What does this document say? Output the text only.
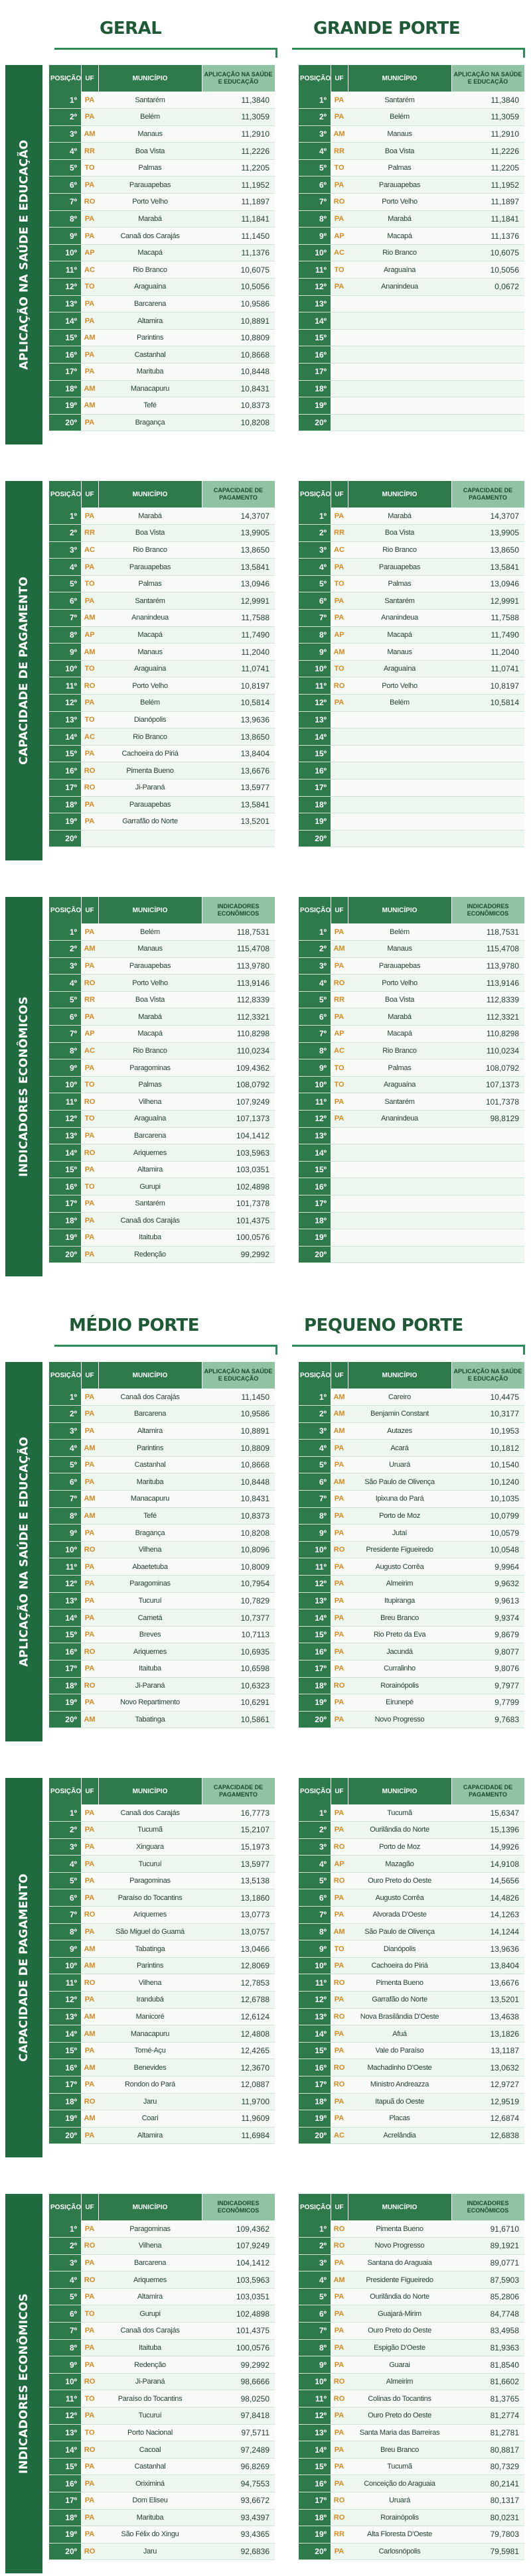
GERAL	GRANDE PORTE
APLICAÇÃO NA SAÚDE E EDUCAÇÃO
POSIÇÃO	UF	MUNICÍPIO	APLICAÇÃO NA SAÚDE E EDUCAÇÃO
1º	PA	Santarém	11,3840
2º	PA	Belém	11,3059
3º	AM	Manaus	11,2910
4º	RR	Boa Vista	11,2226
5º	TO	Palmas	11,2205
6º	PA	Parauapebas	11,1952
7º	RO	Porto Velho	11,1897
8º	PA	Marabá	11,1841
9º	PA	Canaã dos Carajás	11,1450
10º	AP	Macapá	11,1376
11º	AC	Rio Branco	10,6075
12º	TO	Araguaína	10,5056
13º	PA	Barcarena	10,9586
14º	PA	Altamira	10,8891
15º	AM	Parintins	10,8809
16º	PA	Castanhal	10,8668
17º	PA	Marituba	10,8448
18º	AM	Manacapuru	10,8431
19º	AM	Tefé	10,8373
20º	PA	Bragança	10,8208
POSIÇÃO	UF	MUNICÍPIO	APLICAÇÃO NA SAÚDE E EDUCAÇÃO
1º	PA	Santarém	11,3840
2º	PA	Belém	11,3059
3º	AM	Manaus	11,2910
4º	RR	Boa Vista	11,2226
5º	TO	Palmas	11,2205
6º	PA	Parauapebas	11,1952
7º	RO	Porto Velho	11,1897
8º	PA	Marabá	11,1841
9º	AP	Macapá	11,1376
10º	AC	Rio Branco	10,6075
11º	TO	Araguaína	10,5056
12º	PA	Ananindeua	0,0672
13º			
14º			
15º			
16º			
17º			
18º			
19º			
20º			
CAPACIDADE DE PAGAMENTO
POSIÇÃO	UF	MUNICÍPIO	CAPACIDADE DE PAGAMENTO
1º	PA	Marabá	14,3707
2º	RR	Boa Vista	13,9905
3º	AC	Rio Branco	13,8650
4º	PA	Parauapebas	13,5841
5º	TO	Palmas	13,0946
6º	PA	Santarém	12,9991
7º	AM	Ananindeua	11,7588
8º	AP	Macapá	11,7490
9º	AM	Manaus	11,2040
10º	TO	Araguaína	11,0741
11º	RO	Porto Velho	10,8197
12º	PA	Belém	10,5814
13º	TO	Dianópolis	13,9636
14º	AC	Rio Branco	13,8650
15º	PA	Cachoeira do Piriá	13,8404
16º	RO	Pimenta Bueno	13,6676
17º	RO	Ji-Paraná	13,5977
18º	PA	Parauapebas	13,5841
19º	PA	Garrafão do Norte	13,5201
20º			
POSIÇÃO	UF	MUNICÍPIO	CAPACIDADE DE PAGAMENTO
1º	PA	Marabá	14,3707
2º	RR	Boa Vista	13,9905
3º	AC	Rio Branco	13,8650
4º	PA	Parauapebas	13,5841
5º	TO	Palmas	13,0946
6º	PA	Santarém	12,9991
7º	PA	Ananindeua	11,7588
8º	AP	Macapá	11,7490
9º	AM	Manaus	11,2040
10º	TO	Araguaína	11,0741
11º	RO	Porto Velho	10,8197
12º	PA	Belém	10,5814
13º			
14º			
15º			
16º			
17º			
18º			
19º			
20º			
INDICADORES ECONÔMICOS
POSIÇÃO	UF	MUNICÍPIO	INDICADORES ECONÔMICOS
1º	PA	Belém	118,7531
2º	AM	Manaus	115,4708
3º	PA	Parauapebas	113,9780
4º	RO	Porto Velho	113,9146
5º	RR	Boa Vista	112,8339
6º	PA	Marabá	112,3321
7º	AP	Macapá	110,8298
8º	AC	Rio Branco	110,0234
9º	PA	Paragominas	109,4362
10º	TO	Palmas	108,0792
11º	RO	Vilhena	107,9249
12º	TO	Araguaína	107,1373
13º	PA	Barcarena	104,1412
14º	RO	Ariquemes	103,5963
15º	PA	Altamira	103,0351
16º	TO	Gurupi	102,4898
17º	PA	Santarém	101,7378
18º	PA	Canaã dos Carajás	101,4375
19º	PA	Itaituba	100,0576
20º	PA	Redenção	99,2992
POSIÇÃO	UF	MUNICÍPIO	INDICADORES ECONÔMICOS
1º	PA	Belém	118,7531
2º	AM	Manaus	115,4708
3º	PA	Parauapebas	113,9780
4º	RO	Porto Velho	113,9146
5º	RR	Boa Vista	112,8339
6º	PA	Marabá	112,3321
7º	AP	Macapá	110,8298
8º	AC	Rio Branco	110,0234
9º	TO	Palmas	108,0792
10º	TO	Araguaína	107,1373
11º	PA	Santarém	101,7378
12º	PA	Ananindeua	98,8129
13º			
14º			
15º			
16º			
17º			
18º			
19º			
20º			
MÉDIO PORTE	PEQUENO PORTE
APLICAÇÃO NA SAÚDE E EDUCAÇÃO
POSIÇÃO	UF	MUNICÍPIO	APLICAÇÃO NA SAÚDE E EDUCAÇÃO
1º	PA	Canaã dos Carajás	11,1450
2º	PA	Barcarena	10,9586
3º	PA	Altamira	10,8891
4º	AM	Parintins	10,8809
5º	PA	Castanhal	10,8668
6º	PA	Marituba	10,8448
7º	AM	Manacapuru	10,8431
8º	AM	Tefé	10,8373
9º	PA	Bragança	10,8208
10º	RO	Vilhena	10,8096
11º	PA	Abaetetuba	10,8009
12º	PA	Paragominas	10,7954
13º	PA	Tucuruí	10,7829
14º	PA	Cametá	10,7377
15º	PA	Breves	10,7113
16º	RO	Ariquemes	10,6935
17º	PA	Itaituba	10,6598
18º	RO	Ji-Paraná	10,6323
19º	PA	Novo Repartimento	10,6291
20º	AM	Tabatinga	10,5861
POSIÇÃO	UF	MUNICÍPIO	APLICAÇÃO NA SAÚDE E EDUCAÇÃO
1º	AM	Careiro	10,4475
2º	AM	Benjamin Constant	10,3177
3º	AM	Autazes	10,1953
4º	PA	Acará	10,1812
5º	PA	Uruará	10,1540
6º	AM	São Paulo de Olivença	10,1240
7º	PA	Ipixuna do Pará	10,1035
8º	PA	Porto de Moz	10,0799
9º	PA	Jutaí	10,0579
10º	RO	Presidente Figueiredo	10,0548
11º	PA	Augusto Corrêa	9,9964
12º	PA	Almeirim	9,9632
13º	PA	Itupiranga	9,9613
14º	PA	Breu Branco	9,9374
15º	PA	Rio Preto da Eva	9,8679
16º	PA	Jacundá	9,8077
17º	PA	Curralinho	9,8076
18º	RO	Rorainópolis	9,7977
19º	PA	Eirunepé	9,7799
20º	PA	Novo Progresso	9,7683
CAPACIDADE DE PAGAMENTO
POSIÇÃO	UF	MUNICÍPIO	CAPACIDADE DE PAGAMENTO
1º	PA	Canaã dos Carajás	16,7773
2º	PA	Tucumã	15,2107
3º	PA	Xinguara	15,1973
4º	PA	Tucuruí	13,5977
5º	PA	Paragominas	13,5138
6º	PA	Paraíso do Tocantins	13,1860
7º	RO	Ariquemes	13,0773
8º	PA	São Miguel do Guamá	13,0757
9º	AM	Tabatinga	13,0466
10º	AM	Parintins	12,8069
11º	RO	Vilhena	12,7853
12º	PA	Irandubá	12,6788
13º	AM	Manicoré	12,6124
14º	AM	Manacapuru	12,4808
15º	PA	Tomé-Açu	12,4265
16º	AM	Benevides	12,3670
17º	PA	Rondon do Pará	12,0887
18º	RO	Jaru	11,9700
19º	AM	Coari	11,9609
20º	PA	Altamira	11,6984
POSIÇÃO	UF	MUNICÍPIO	CAPACIDADE DE PAGAMENTO
1º	PA	Tucumã	15,6347
2º	PA	Ourilândia do Norte	15,1396
3º	RO	Porto de Moz	14,9926
4º	AP	Mazagão	14,9108
5º	RO	Ouro Preto do Oeste	14,5656
6º	PA	Augusto Corrêa	14,4826
7º	PA	Alvorada D'Oeste	14,1263
8º	AM	São Paulo de Olivença	14,1244
9º	TO	Dianópolis	13,9636
10º	PA	Cachoeira do Piriá	13,8404
11º	RO	Pimenta Bueno	13,6676
12º	PA	Garrafão do Norte	13,5201
13º	RO	Nova Brasilândia D'Oeste	13,4638
14º	PA	Afuá	13,1826
15º	PA	Vale do Paraíso	13,1187
16º	RO	Machadinho D'Oeste	13,0632
17º	RO	Ministro Andreazza	12,9727
18º	PA	Itapuã do Oeste	12,9519
19º	PA	Placas	12,6874
20º	AC	Acrelândia	12,6838
INDICADORES ECONÔMICOS
POSIÇÃO	UF	MUNICÍPIO	INDICADORES ECONÔMICOS
1º	PA	Paragominas	109,4362
2º	RO	Vilhena	107,9249
3º	PA	Barcarena	104,1412
4º	RO	Ariquemes	103,5963
5º	PA	Altamira	103,0351
6º	TO	Gurupi	102,4898
7º	PA	Canaã dos Carajás	101,4375
8º	PA	Itaituba	100,0576
9º	PA	Redenção	99,2992
10º	RO	Ji-Paraná	98,6666
11º	TO	Paraíso do Tocantins	98,0250
12º	PA	Tucuruí	97,8418
13º	TO	Porto Nacional	97,5711
14º	RO	Cacoal	97,2489
15º	PA	Castanhal	96,8269
16º	PA	Oriximiná	94,7553
17º	PA	Dom Eliseu	93,6672
18º	PA	Marituba	93,4397
19º	PA	São Félix do Xingu	93,4365
20º	RO	Jaru	92,6836
POSIÇÃO	UF	MUNICÍPIO	INDICADORES ECONÔMICOS
1º	RO	Pimenta Bueno	91,6710
2º	RO	Novo Progresso	89,1921
3º	PA	Santana do Araguaia	89,0771
4º	AM	Presidente Figueiredo	87,5903
5º	PA	Ourilândia do Norte	85,2806
6º	PA	Guajará-Mirim	84,7748
7º	PA	Ouro Preto do Oeste	83,4958
8º	PA	Espigão D'Oeste	81,9363
9º	PA	Guarai	81,8540
10º	RO	Almeirim	81,6602
11º	RO	Colinas do Tocantins	81,3765
12º	PA	Ouro Preto do Oeste	81,2774
13º	PA	Santa Maria das Barreiras	81,2781
14º	PA	Breu Branco	80,8817
15º	PA	Tucumã	80,7329
16º	PA	Conceição do Araguaia	80,2141
17º	RO	Uruará	80,1317
18º	RO	Rorainópolis	80,0231
19º	RR	Alta Floresta D'Oeste	79,7803
20º	PA	Carlosnópolis	79,5981
